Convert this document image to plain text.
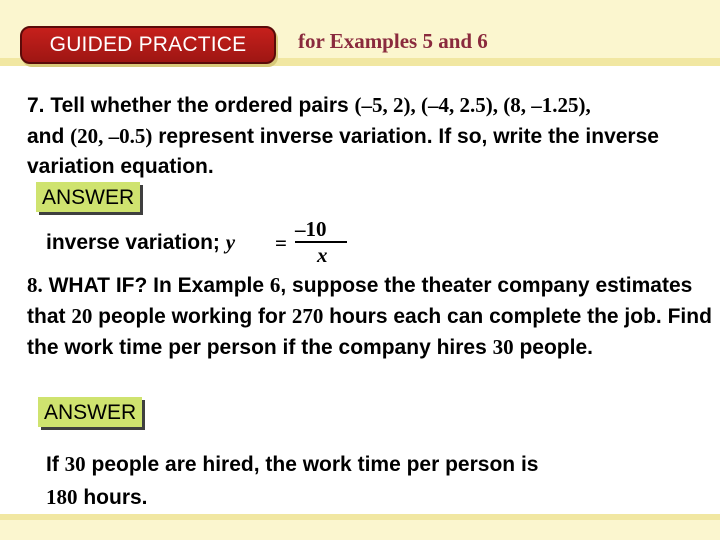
GUIDED PRACTICE	for Examples 5 and 6
7. Tell whether the ordered pairs (–5, 2), (–4, 2.5), (8, –1.25),
and (20, –0.5) represent inverse variation. If so, write the inverse variation equation.
ANSWER
inverse variation; y =
–10
x
8. WHAT IF? In Example 6, suppose the theater company estimates that 20 people working for 270 hours each can complete the job. Find the work time per person if the company hires 30 people.
ANSWER
If 30 people are hired, the work time per person is
180 hours.
